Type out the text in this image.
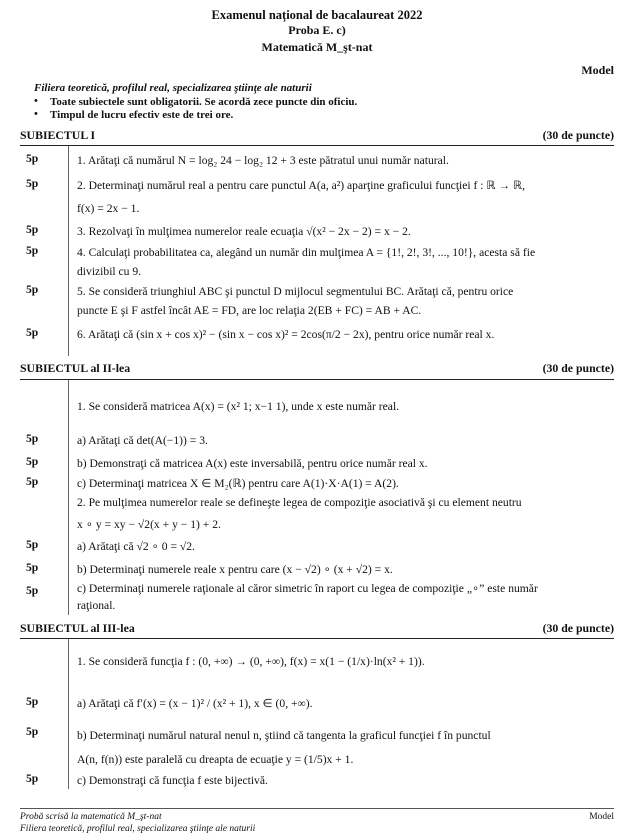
Examenul național de bacalaureat 2022
Proba E. c)
Matematică M_şt-nat
Model
Filiera teoretică, profilul real, specializarea ştiinţe ale naturii
• Toate subiectele sunt obligatorii. Se acordă zece puncte din oficiu.
• Timpul de lucru efectiv este de trei ore.
SUBIECTUL I	(30 de puncte)
5p	1. Arătaţi că numărul N = log₂ 24 − log₂ 12 + 3 este pătratul unui număr natural.
5p	2. Determinaţi numărul real a pentru care punctul A(a, a²) aparţine graficului funcţiei f : ℝ → ℝ,
f(x) = 2x − 1.
5p	3. Rezolvaţi în mulţimea numerelor reale ecuaţia √(x² − 2x − 2) = x − 2.
5p	4. Calculaţi probabilitatea ca, alegând un număr din mulţimea A = {1!, 2!, 3!, ..., 10!}, acesta să fie
divizibil cu 9.
5p	5. Se consideră triunghiul ABC şi punctul D mijlocul segmentului BC. Arătaţi că, pentru orice
puncte E şi F astfel încât AE = FD, are loc relaţia 2(EB + FC) = AB + AC.
5p	6. Arătaţi că (sin x + cos x)² − (sin x − cos x)² = 2cos(π/2 − 2x), pentru orice număr real x.
SUBIECTUL al II-lea	(30 de puncte)
1. Se consideră matricea A(x) = (x² 1; x−1 1), unde x este număr real.
5p	a) Arătaţi că det(A(−1)) = 3.
5p	b) Demonstraţi că matricea A(x) este inversabilă, pentru orice număr real x.
5p	c) Determinaţi matricea X ∈ M₂(ℝ) pentru care A(1)·X·A(1) = A(2).
2. Pe mulţimea numerelor reale se defineşte legea de compoziţie asociativă şi cu element neutru
x ∘ y = xy − √2(x + y − 1) + 2.
5p	a) Arătaţi că √2 ∘ 0 = √2.
5p	b) Determinaţi numerele reale x pentru care (x − √2) ∘ (x + √2) = x.
5p	c) Determinaţi numerele raţionale al căror simetric în raport cu legea de compoziţie „∘” este număr
raţional.
SUBIECTUL al III-lea	(30 de puncte)
1. Se consideră funcţia f : (0, +∞) → (0, +∞), f(x) = x(1 − (1/x)·ln(x² + 1)).
5p	a) Arătaţi că f′(x) = (x − 1)² / (x² + 1), x ∈ (0, +∞).
5p	b) Determinaţi numărul natural nenul n, ştiind că tangenta la graficul funcţiei f în punctul
A(n, f(n)) este paralelă cu dreapta de ecuaţie y = (1/5)x + 1.
5p	c) Demonstraţi că funcţia f este bijectivă.
Probă scrisă la matematică M_şt-nat
Filiera teoretică, profilul real, specializarea ştiinţe ale naturii
Model
